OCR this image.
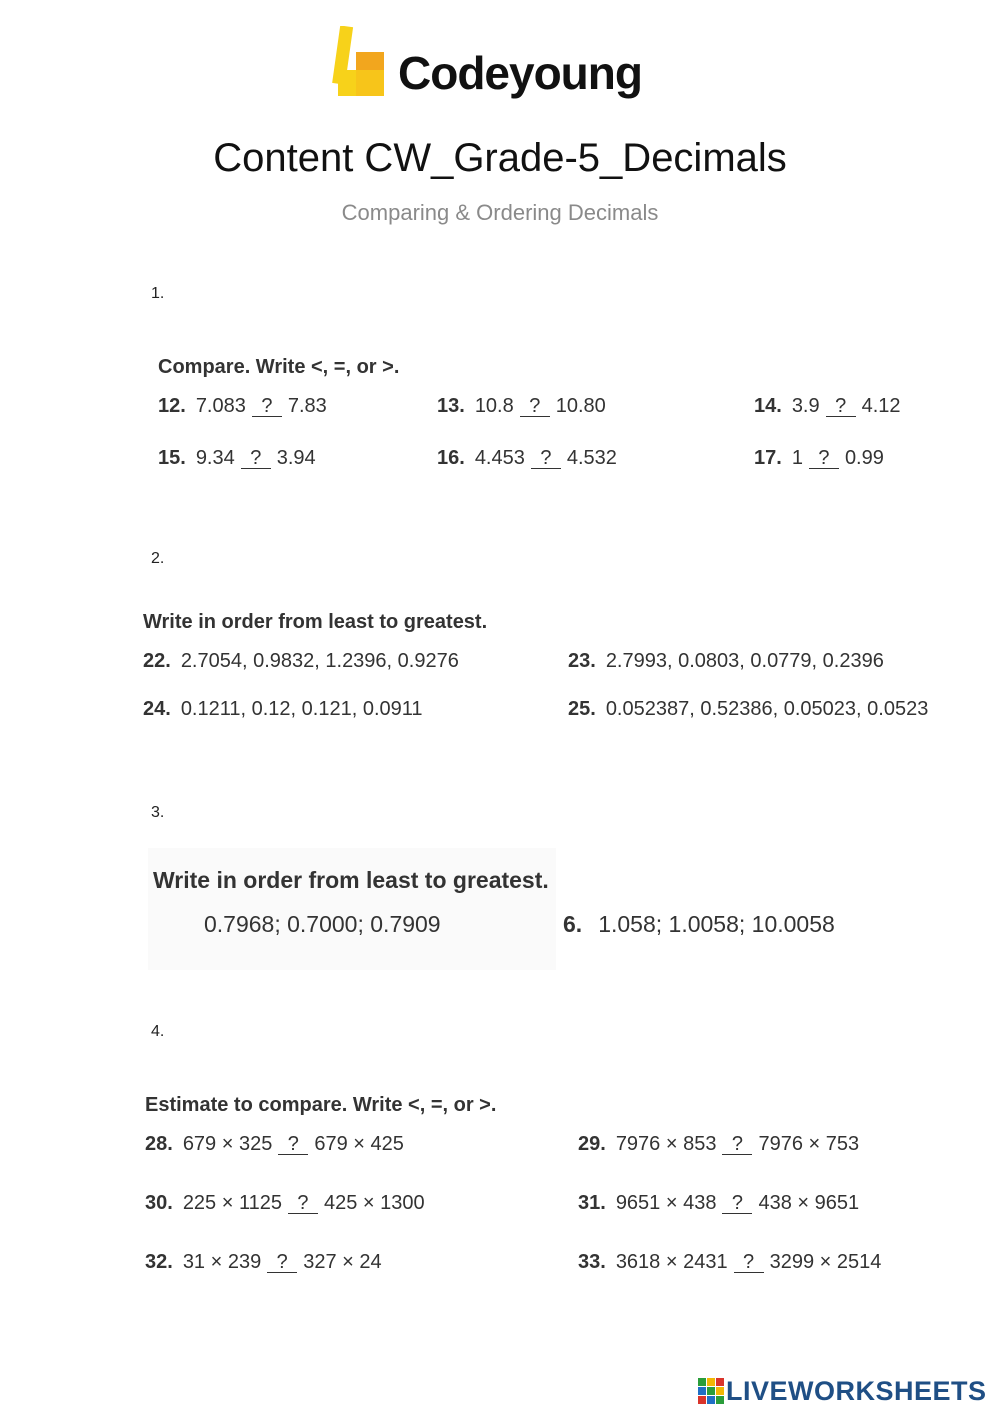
Codeyoung
Content CW_Grade-5_Decimals
Comparing & Ordering Decimals
1.
Compare. Write <, =, or >.
12. 7.083 ? 7.83	13. 10.8 ? 10.80	14. 3.9 ? 4.12
15. 9.34 ? 3.94	16. 4.453 ? 4.532	17. 1 ? 0.99
2.
Write in order from least to greatest.
22. 2.7054, 0.9832, 1.2396, 0.9276	23. 2.7993, 0.0803, 0.0779, 0.2396
24. 0.1211, 0.12, 0.121, 0.0911	25. 0.052387, 0.52386, 0.05023, 0.0523
3.
Write in order from least to greatest.
0.7968; 0.7000; 0.7909	6. 1.058; 1.0058; 10.0058
4.
Estimate to compare. Write <, =, or >.
28. 679 × 325 ? 679 × 425	29. 7976 × 853 ? 7976 × 753
30. 225 × 1125 ? 425 × 1300	31. 9651 × 438 ? 438 × 9651
32. 31 × 239 ? 327 × 24	33. 3618 × 2431 ? 3299 × 2514
LIVEWORKSHEETS
